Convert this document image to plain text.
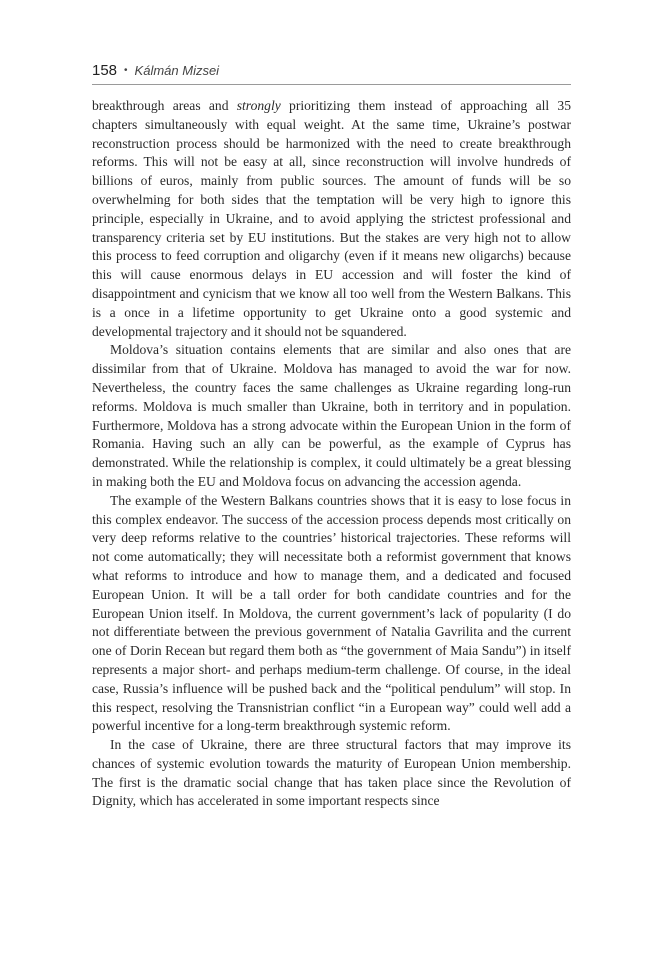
158 • Kálmán Mizsei

breakthrough areas and strongly prioritizing them instead of approaching all 35 chapters simultaneously with equal weight. At the same time, Ukraine’s postwar reconstruction process should be harmonized with the need to create breakthrough reforms. This will not be easy at all, since reconstruction will involve hundreds of billions of euros, mainly from public sources. The amount of funds will be so overwhelming for both sides that the temptation will be very high to ignore this principle, especially in Ukraine, and to avoid applying the strictest professional and transparency criteria set by EU institutions. But the stakes are very high not to allow this process to feed corruption and oligarchy (even if it means new oligarchs) because this will cause enormous delays in EU accession and will foster the kind of disappointment and cynicism that we know all too well from the Western Balkans. This is a once in a lifetime opportunity to get Ukraine onto a good systemic and developmental trajectory and it should not be squandered.

Moldova’s situation contains elements that are similar and also ones that are dissimilar from that of Ukraine. Moldova has managed to avoid the war for now. Nevertheless, the country faces the same challenges as Ukraine regarding long-run reforms. Moldova is much smaller than Ukraine, both in territory and in population. Furthermore, Moldova has a strong advocate within the European Union in the form of Romania. Having such an ally can be powerful, as the example of Cyprus has demonstrated. While the relationship is complex, it could ultimately be a great blessing in making both the EU and Moldova focus on advancing the accession agenda.

The example of the Western Balkans countries shows that it is easy to lose focus in this complex endeavor. The success of the accession process depends most critically on very deep reforms relative to the countries’ historical trajectories. These reforms will not come automatically; they will necessitate both a reformist government that knows what reforms to introduce and how to manage them, and a dedicated and focused European Union. It will be a tall order for both candidate countries and for the European Union itself. In Moldova, the current government’s lack of popularity (I do not differentiate between the previous government of Natalia Gavrilita and the current one of Dorin Recean but regard them both as “the government of Maia Sandu”) in itself represents a major short- and perhaps medium-term challenge. Of course, in the ideal case, Russia’s influence will be pushed back and the “political pendulum” will stop. In this respect, resolving the Transnistrian conflict “in a European way” could well add a powerful incentive for a long-term breakthrough systemic reform.

In the case of Ukraine, there are three structural factors that may improve its chances of systemic evolution towards the maturity of European Union membership. The first is the dramatic social change that has taken place since the Revolution of Dignity, which has accelerated in some important respects since
